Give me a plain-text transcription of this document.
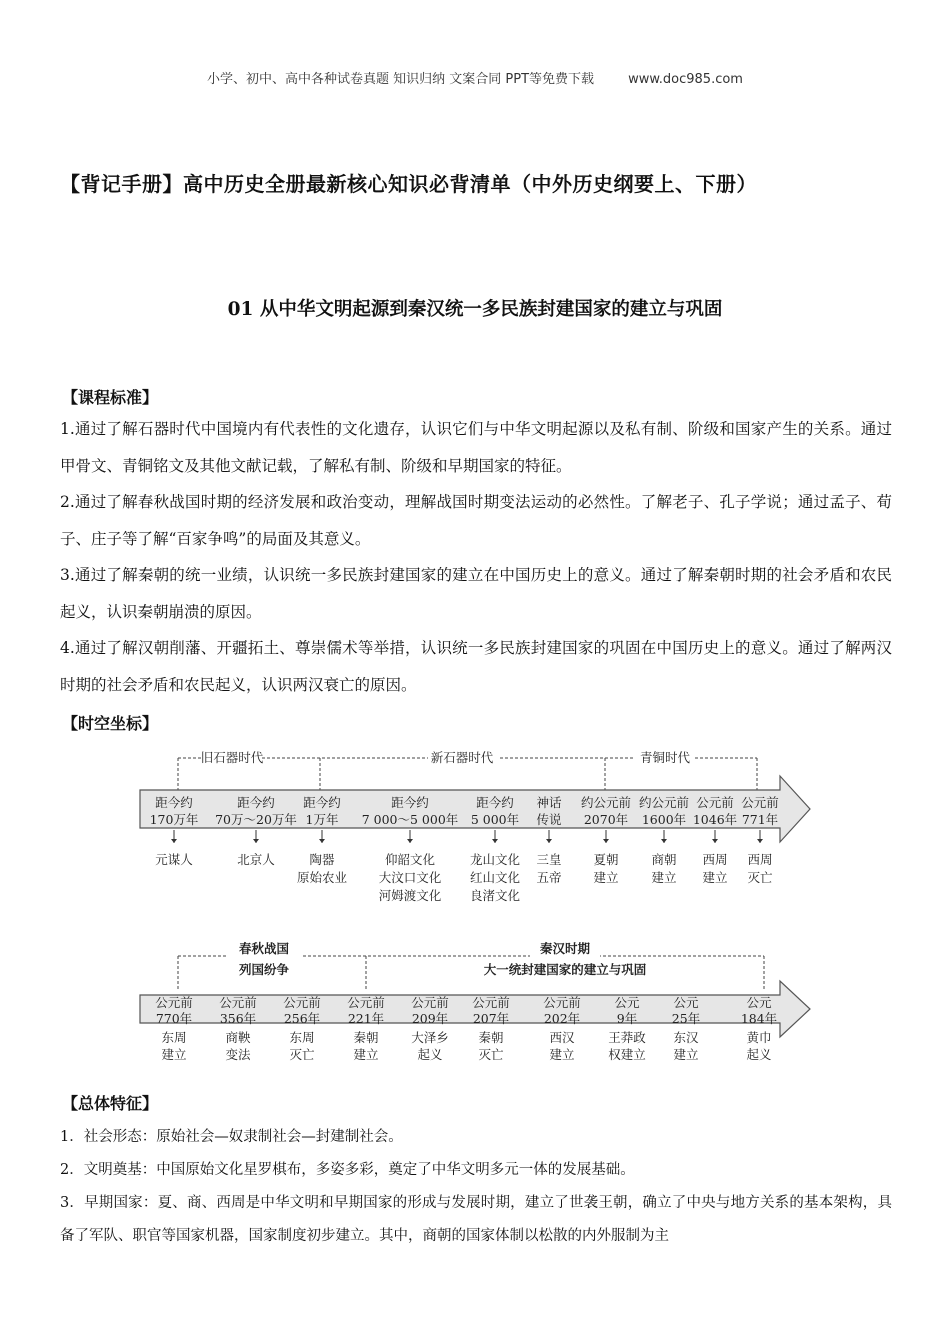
小学、初中、高中各种试卷真题 知识归纳 文案合同 PPT等免费下载	www.doc985.com
【背记手册】高中历史全册最新核心知识必背清单（中外历史纲要上、下册）
01 从中华文明起源到秦汉统一多民族封建国家的建立与巩固
【课程标准】

1.通过了解石器时代中国境内有代表性的文化遗存，认识它们与中华文明起源以及私有制、阶级和国家产生的关系。通过甲骨文、青铜铭文及其他文献记载，了解私有制、阶级和早期国家的特征。

2.通过了解春秋战国时期的经济发展和政治变动，理解战国时期变法运动的必然性。了解老子、孔子学说；通过孟子、荀子、庄子等了解“百家争鸣”的局面及其意义。

3.通过了解秦朝的统一业绩，认识统一多民族封建国家的建立在中国历史上的意义。通过了解秦朝时期的社会矛盾和农民起义，认识秦朝崩溃的原因。

4.通过了解汉朝削藩、开疆拓土、尊崇儒术等举措，认识统一多民族封建国家的巩固在中国历史上的意义。通过了解两汉时期的社会矛盾和农民起义，认识两汉衰亡的原因。

【时空坐标】
旧石器时代	新石器时代	青铜时代
距今约
170万年
元谋人
距今约
70万～20万年
北京人
距今约
1万年
陶器
原始农业
距今约
7 000～5 000年
仰韶文化
大汶口文化
河姆渡文化
距今约
5 000年
龙山文化
红山文化
良渚文化
神话
传说
三皇
五帝
约公元前
2070年
夏朝
建立
约公元前
1600年
商朝
建立
公元前
1046年
西周
建立
公元前
771年
西周
灭亡
春秋战国	秦汉时期
列国纷争	大一统封建国家的建立与巩固
公元前
770年
东周
建立
公元前
356年
商鞅
变法
公元前
256年
东周
灭亡
公元前
221年
秦朝
建立
公元前
209年
大泽乡
起义
公元前
207年
秦朝
灭亡
公元前
202年
西汉
建立
公元
9年
王莽政
权建立
公元
25年
东汉
建立
公元
184年
黄巾
起义
【总体特征】

1．社会形态：原始社会—奴隶制社会—封建制社会。

2．文明奠基：中国原始文化星罗棋布，多姿多彩，奠定了中华文明多元一体的发展基础。

3．早期国家：夏、商、西周是中华文明和早期国家的形成与发展时期，建立了世袭王朝，确立了中央与地方关系的基本架构，具备了军队、职官等国家机器，国家制度初步建立。其中，商朝的国家体制以松散的内外服制为主
